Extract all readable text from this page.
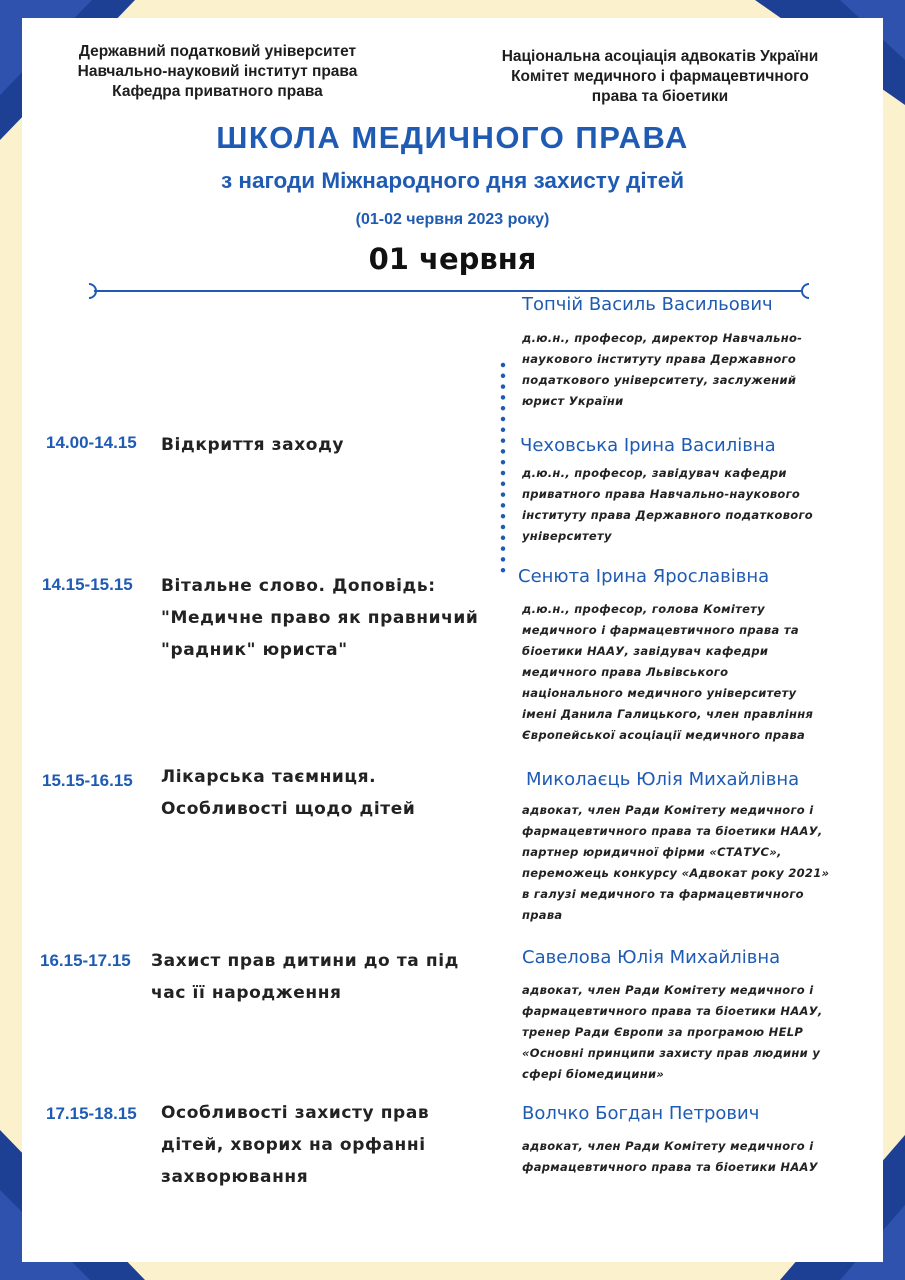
Державний податковий університет
Навчально-науковий інститут права
Кафедра приватного права
Національна асоціація адвокатів України
Комітет медичного і фармацевтичного
права та біоетики
ШКОЛА МЕДИЧНОГО ПРАВА
з нагоди Міжнародного дня захисту дітей
(01-02 червня 2023 року)
01 червня
14.00-14.15 Відкриття заходу
14.15-15.15 Вітальне слово. Доповідь:
"Медичне право як правничий
"радник" юриста"
15.15-16.15 Лікарська таємниця.
Особливості щодо дітей
16.15-17.15 Захист прав дитини до та під
час її народження
17.15-18.15 Особливості захисту прав
дітей, хворих на орфанні
захворювання
Топчій Василь Васильович
д.ю.н., професор, директор Навчально-
наукового інституту права Державного
податкового університету, заслужений
юрист України
Чеховська Ірина Василівна
д.ю.н., професор, завідувач кафедри
приватного права Навчально-наукового
інституту права Державного податкового
університету
Сенюта Ірина Ярославівна
д.ю.н., професор, голова Комітету
медичного і фармацевтичного права та
біоетики НААУ, завідувач кафедри
медичного права Львівського
національного медичного університету
імені Данила Галицького, член правління
Європейської асоціації медичного права
Миколаєць Юлія Михайлівна
адвокат, член Ради Комітету медичного і
фармацевтичного права та біоетики НААУ,
партнер юридичної фірми «СТАТУС»,
переможець конкурсу «Адвокат року 2021»
в галузі медичного та фармацевтичного
права
Савелова Юлія Михайлівна
адвокат, член Ради Комітету медичного і
фармацевтичного права та біоетики НААУ,
тренер Ради Європи за програмою HELP
«Основні принципи захисту прав людини у
сфері біомедицини»
Волчко Богдан Петрович
адвокат, член Ради Комітету медичного і
фармацевтичного права та біоетики НААУ
